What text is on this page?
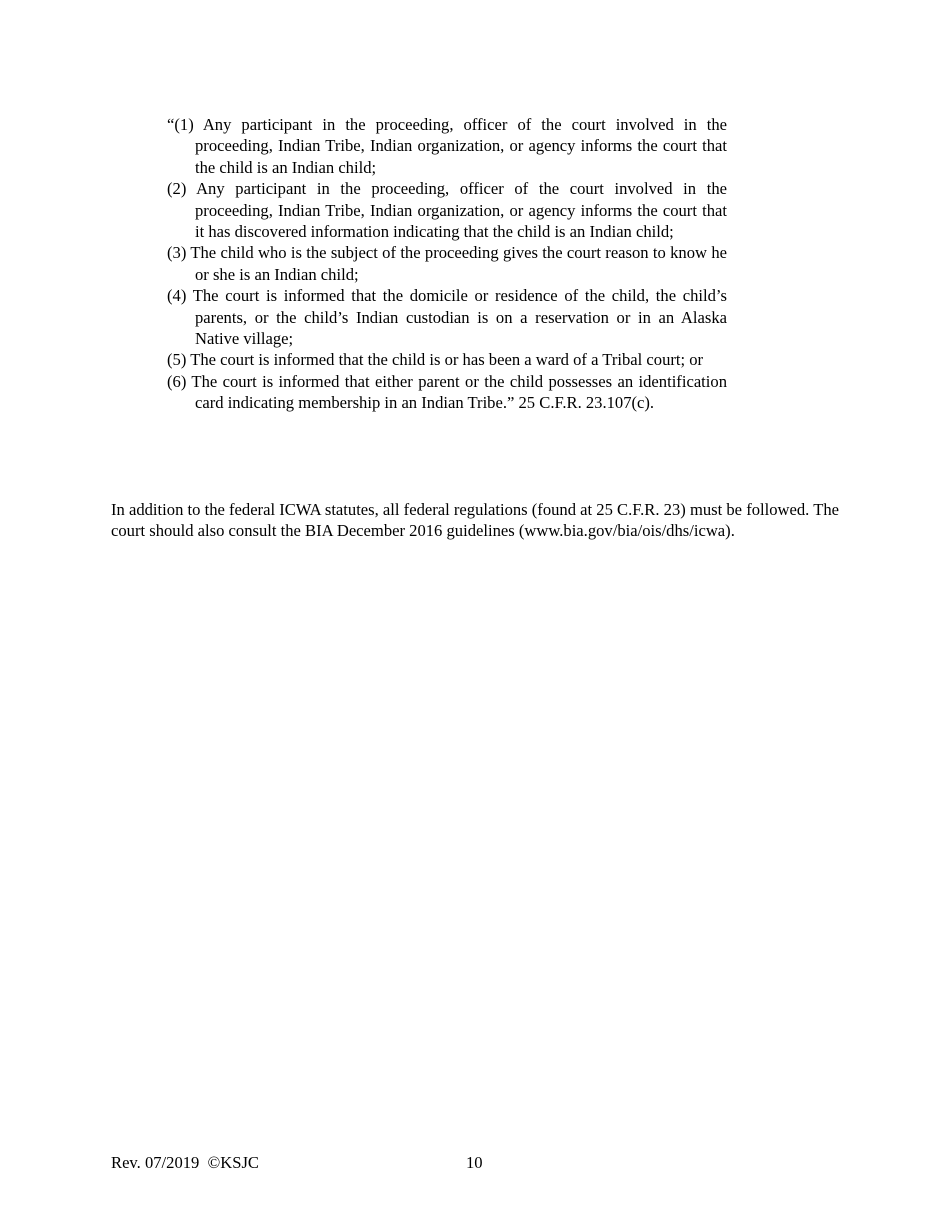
“(1) Any participant in the proceeding, officer of the court involved in the proceeding, Indian Tribe, Indian organization, or agency informs the court that the child is an Indian child;

(2) Any participant in the proceeding, officer of the court involved in the proceeding, Indian Tribe, Indian organization, or agency informs the court that it has discovered information indicating that the child is an Indian child;

(3) The child who is the subject of the proceeding gives the court reason to know he or she is an Indian child;

(4) The court is informed that the domicile or residence of the child, the child’s parents, or the child’s Indian custodian is on a reservation or in an Alaska Native village;

(5) The court is informed that the child is or has been a ward of a Tribal court; or

(6) The court is informed that either parent or the child possesses an identification card indicating membership in an Indian Tribe.” 25 C.F.R. 23.107(c).

In addition to the federal ICWA statutes, all federal regulations (found at 25 C.F.R. 23) must be followed. The court should also consult the BIA December 2016 guidelines (www.bia.gov/bia/ois/dhs/icwa).

Rev. 07/2019  ©KSJC	10
